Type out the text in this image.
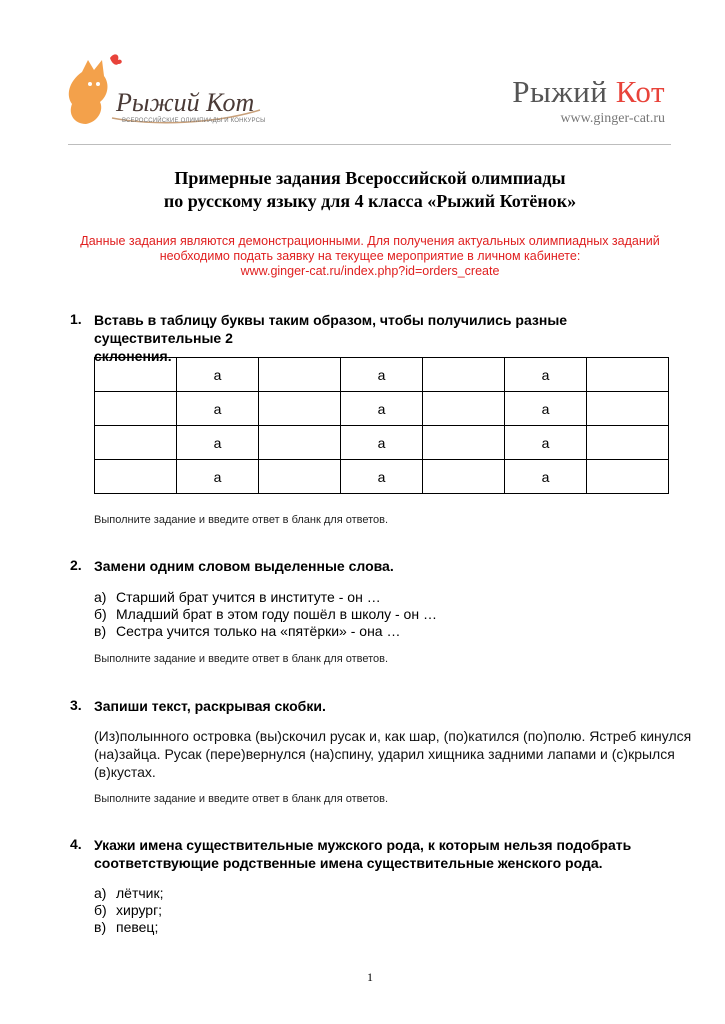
Рыжий Кот
ВСЕРОССИЙСКИЕ ОЛИМПИАДЫ И КОНКУРСЫ
Рыжий Кот
www.ginger-cat.ru
Примерные задания Всероссийской олимпиады
по русскому языку для 4 класса «Рыжий Котёнок»
Данные задания являются демонстрационными. Для получения актуальных олимпиадных заданий
необходимо подать заявку на текущее мероприятие в личном кабинете:
www.ginger-cat.ru/index.php?id=orders_create
1. Вставь в таблицу буквы таким образом, чтобы получились разные существительные 2
склонения.
	а		а		а	
	а		а		а	
	а		а		а	
	а		а		а	
Выполните задание и введите ответ в бланк для ответов.
2. Замени одним словом выделенные слова.
а) Старший брат учится в институте - он …
б) Младший брат в этом году пошёл в школу - он …
в) Сестра учится только на «пятёрки» - она …
Выполните задание и введите ответ в бланк для ответов.
3. Запиши текст, раскрывая скобки.
(Из)полынного островка (вы)скочил русак и, как шар, (по)катился (по)полю. Ястреб кинулся
(на)зайца. Русак (пере)вернулся (на)спину, ударил хищника задними лапами и (с)крылся
(в)кустах.
Выполните задание и введите ответ в бланк для ответов.
4. Укажи имена существительные мужского рода, к которым нельзя подобрать
соответствующие родственные имена существительные женского рода.
а) лётчик;
б) хирург;
в) певец;
1
